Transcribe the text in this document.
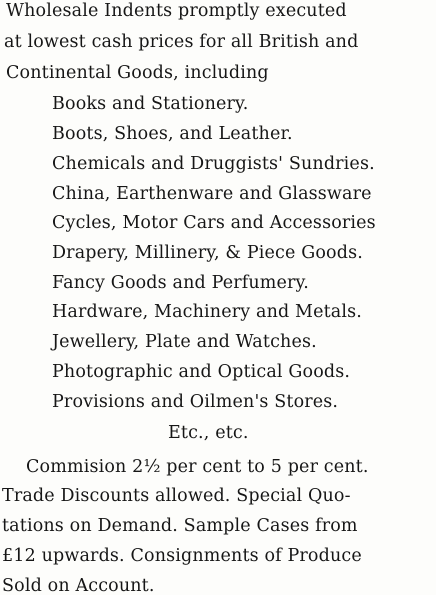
Wholesale Indents promptly executed
at lowest cash prices for all British and
Continental Goods, including
Books and Stationery.
Boots, Shoes, and Leather.
Chemicals and Druggists' Sundries.
China, Earthenware and Glassware
Cycles, Motor Cars and Accessories
Drapery, Millinery, & Piece Goods.
Fancy Goods and Perfumery.
Hardware, Machinery and Metals.
Jewellery, Plate and Watches.
Photographic and Optical Goods.
Provisions and Oilmen's Stores.
Etc., etc.
Commision 2½ per cent to 5 per cent.
Trade Discounts allowed. Special Quo-
tations on Demand. Sample Cases from
£12 upwards. Consignments of Produce
Sold on Account.
